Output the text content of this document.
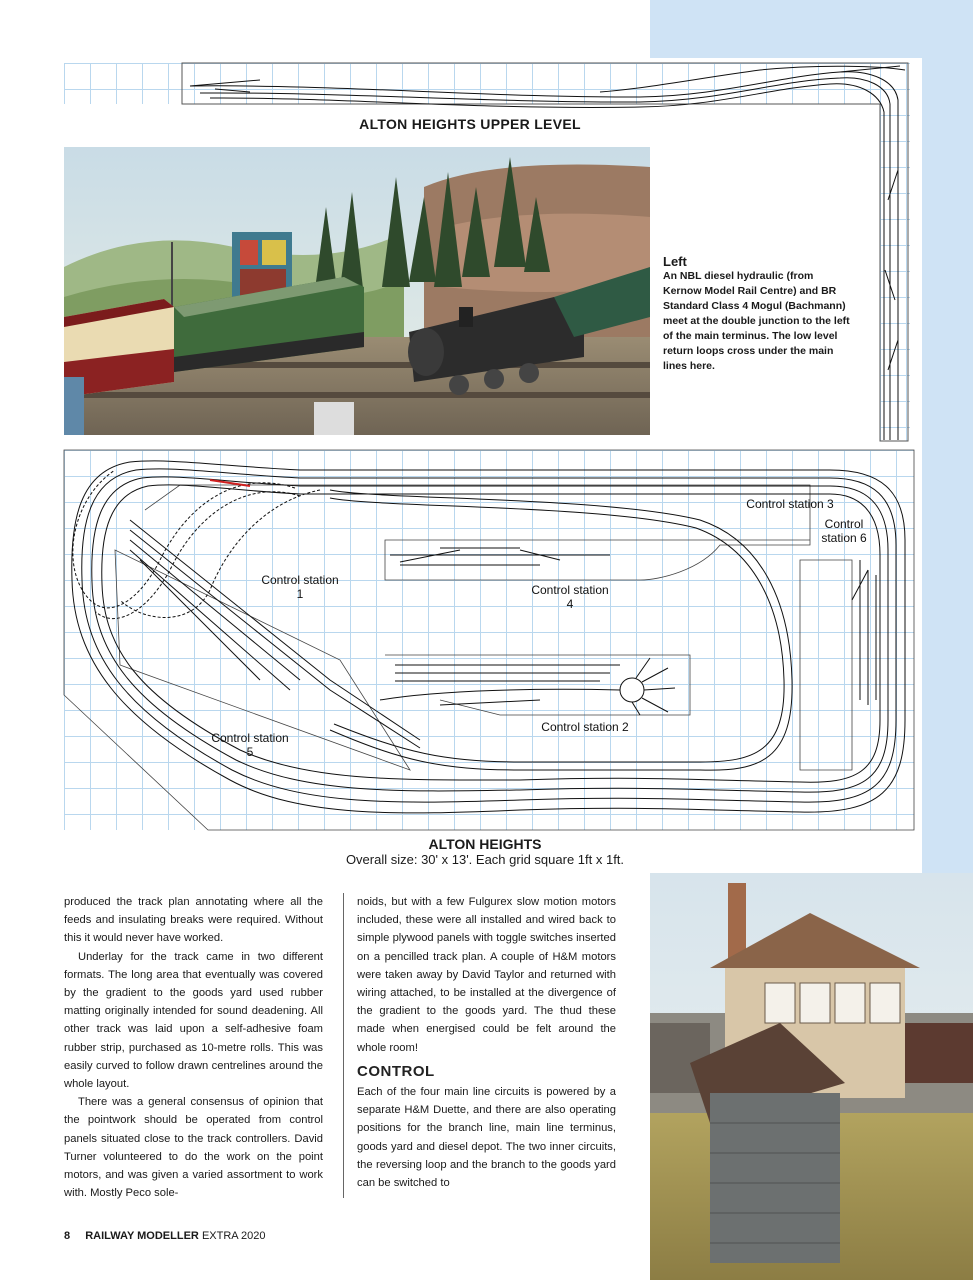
ALTON HEIGHTS UPPER LEVEL
Left
An NBL diesel hydraulic (from Kernow Model Rail Centre) and BR Standard Class 4 Mogul (Bachmann) meet at the double junction to the left of the main terminus. The low level return loops cross under the main lines here.
Control station 1
Control station 2
Control station 3
Control station 4
Control station 5
Control station 6
ALTON HEIGHTS
Overall size: 30' x 13'. Each grid square 1ft x 1ft.

produced the track plan annotating where all the feeds and insulating breaks were required. Without this it would never have worked.

Underlay for the track came in two different formats. The long area that eventually was covered by the gradient to the goods yard used rubber matting originally intended for sound deadening. All other track was laid upon a self-adhesive foam rubber strip, purchased as 10-metre rolls. This was easily curved to follow drawn centrelines around the whole layout.

There was a general consensus of opinion that the pointwork should be operated from control panels situated close to the track controllers. David Turner volunteered to do the work on the point motors, and was given a varied assortment to work with. Mostly Peco sole-

noids, but with a few Fulgurex slow motion motors included, these were all installed and wired back to simple plywood panels with toggle switches inserted on a pencilled track plan. A couple of H&M motors were taken away by David Taylor and returned with wiring attached, to be installed at the divergence of the gradient to the goods yard. The thud these made when energised could be felt around the whole room!

CONTROL

Each of the four main line circuits is powered by a separate H&M Duette, and there are also operating positions for the branch line, main line terminus, goods yard and diesel depot. The two inner circuits, the reversing loop and the branch to the goods yard can be switched to

8 RAILWAY MODELLER EXTRA 2020
